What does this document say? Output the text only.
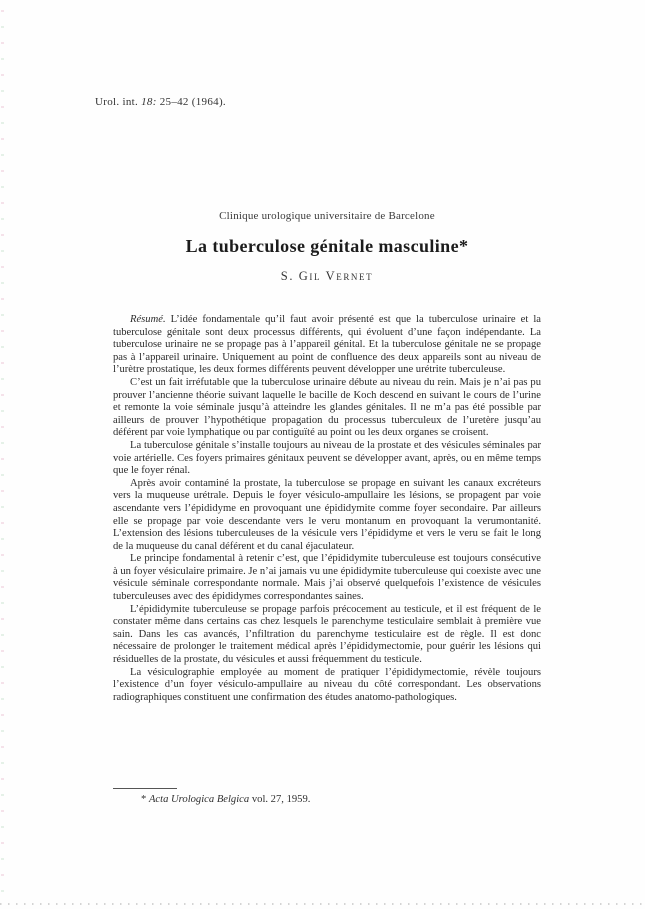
Urol. int. 18: 25–42 (1964).

Clinique urologique universitaire de Barcelone

La tuberculose génitale masculine*

S. Gil Vernet

Résumé. L’idée fondamentale qu’il faut avoir présenté est que la tuberculose urinaire et la tuberculose génitale sont deux processus différents, qui évoluent d’une façon indépendante. La tuberculose urinaire ne se propage pas à l’appareil génital. Et la tuberculose génitale ne se propage pas à l’appareil urinaire. Uniquement au point de confluence des deux appareils sont au niveau de l’urètre prostatique, les deux formes différents peuvent développer une urétrite tuberculeuse.

C’est un fait irréfutable que la tuberculose urinaire débute au niveau du rein. Mais je n’ai pas pu prouver l’ancienne théorie suivant laquelle le bacille de Koch descend en suivant le cours de l’urine et remonte la voie séminale jusqu’à atteindre les glandes génitales. Il ne m’a pas été possible par ailleurs de prouver l’hypothétique propagation du processus tuberculeux de l’uretère jusqu’au déférent par voie lymphatique ou par contiguïté au point ou les deux organes se croisent.

La tuberculose génitale s’installe toujours au niveau de la prostate et des vésicules séminales par voie artérielle. Ces foyers primaires génitaux peuvent se développer avant, après, ou en même temps que le foyer rénal.

Après avoir contaminé la prostate, la tuberculose se propage en suivant les canaux excréteurs vers la muqueuse urétrale. Depuis le foyer vésiculo-ampullaire les lésions, se propagent par voie ascendante vers l’épididyme en provoquant une épididymite comme foyer secondaire. Par ailleurs elle se propage par voie descendante vers le veru montanum en provoquant la verumontanité. L’extension des lésions tuberculeuses de la vésicule vers l’épididyme et vers le veru se fait le long de la muqueuse du canal déférent et du canal éjaculateur.

Le principe fondamental à retenir c’est, que l’épididymite tuberculeuse est toujours consécutive à un foyer vésiculaire primaire. Je n’ai jamais vu une épididymite tuberculeuse qui coexiste avec une vésicule séminale correspondante normale. Mais j’ai observé quelquefois l’existence de vésicules tuberculeuses avec des épididymes correspondantes saines.

L’épididymite tuberculeuse se propage parfois précocement au testicule, et il est fréquent de le constater même dans certains cas chez lesquels le parenchyme testiculaire semblait à première vue sain. Dans les cas avancés, l’nfiltration du parenchyme testiculaire est de règle. Il est donc nécessaire de prolonger le traitement médical après l’épididymectomie, pour guérir les lésions qui résiduelles de la prostate, du vésicules et aussi fréquemment du testicule.

La vésiculographie employée au moment de pratiquer l’épididymectomie, révèle toujours l’existence d’un foyer vésiculo-ampullaire au niveau du côté correspondant. Les observations radiographiques constituent une confirmation des études anatomo-pathologiques.

* Acta Urologica Belgica vol. 27, 1959.
